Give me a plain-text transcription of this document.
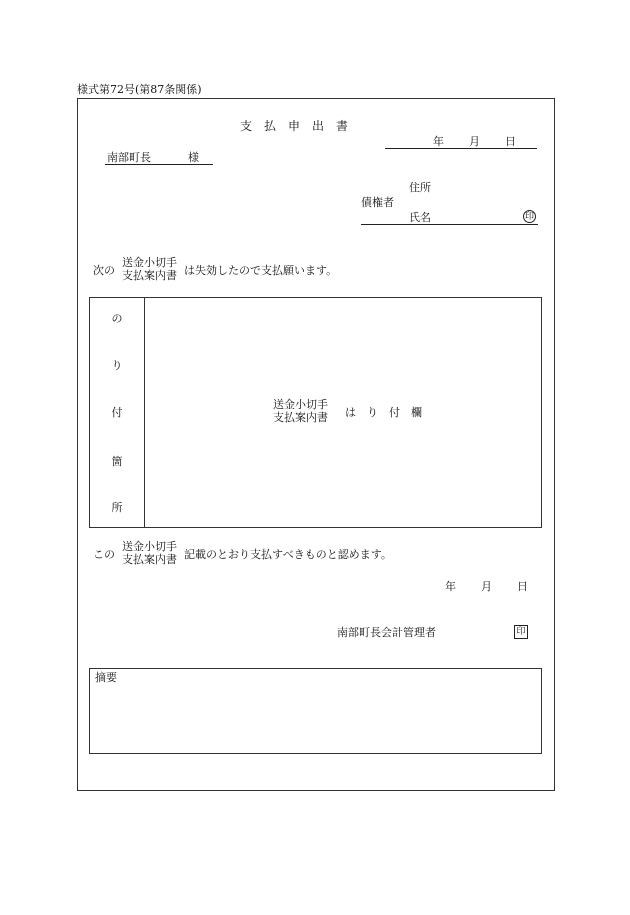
様式第72号(第87条関係)
支　払　申　出　書
年 月 日
南部町長	様
住所
債権者
氏名	印
次の
送金小切手
支払案内書 は失効したので支払願います。
の
り
付
箇
所
送金小切手
支払案内書 は　り　付　欄
この
送金小切手
支払案内書 記載のとおり支払すべきものと認めます。
年 月 日
南部町長会計管理者	印
摘要
